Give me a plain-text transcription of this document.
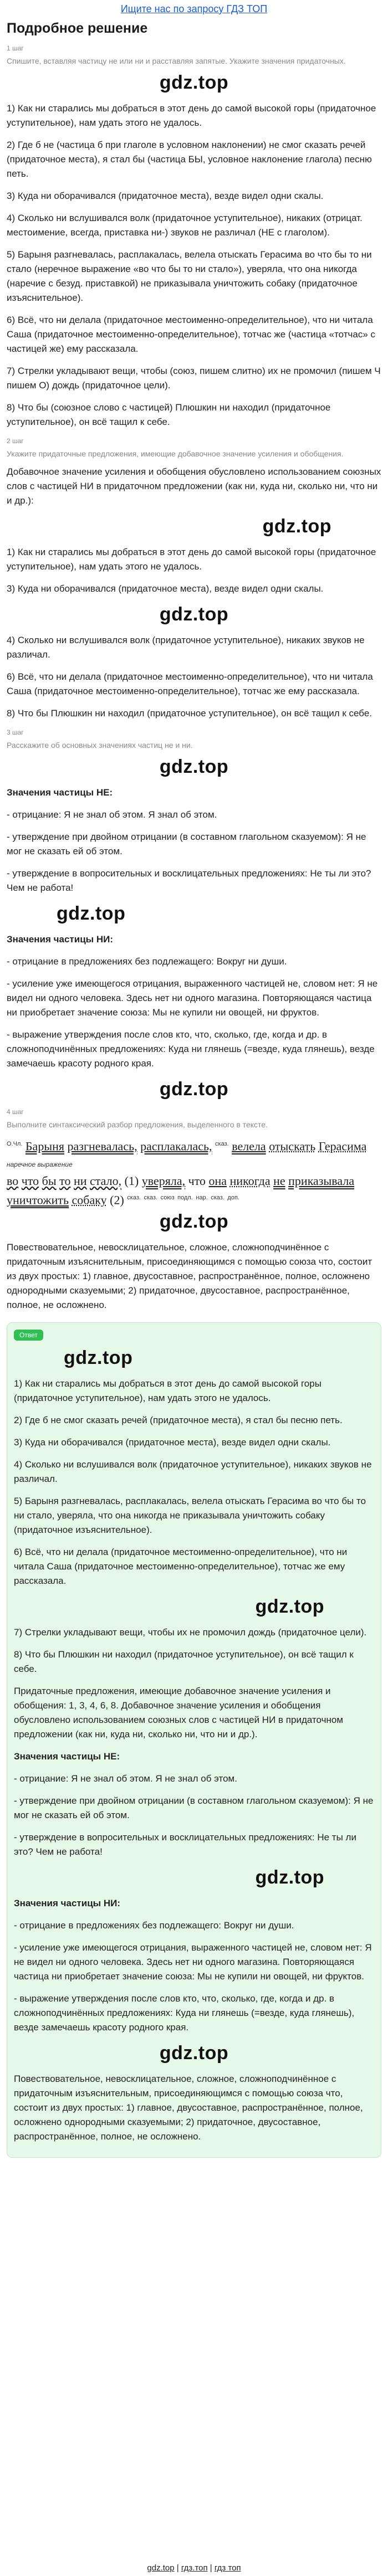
Ищите нас по запросу ГДЗ ТОП
Подробное решение
1 шаг
Спишите, вставляя частицу не или ни и расставляя запятые. Укажите значения придаточных.
gdz.top

1) Как ни старались мы добраться в этот день до самой высокой горы (придаточное уступительное), нам удать этого не удалось.

2) Где б не (частица б при глаголе в условном наклонении) не смог сказать речей (придаточное места), я стал бы (частица БЫ, условное наклонение глагола) песню петь.

3) Куда ни оборачивался (придаточное места), везде видел одни скалы.

4) Сколько ни вслушивался волк (придаточное уступительное), никаких (отрицат. местоимение, всегда, приставка ни-) звуков не различал (НЕ с глаголом).

5) Барыня разгневалась, расплакалась, велела отыскать Герасима во что бы то ни стало (неречное выражение «во что бы то ни стало»), уверяла, что она никогда (наречие с безуд. приставкой) не приказывала уничтожить собаку (придаточное изъяснительное).

6) Всё, что ни делала (придаточное местоименно-определительное), что ни читала Саша (придаточное местоименно-определительное), тотчас же (частица «тотчас» с частицей же) ему рассказала.

7) Стрелки укладывают вещи, чтобы (союз, пишем слитно) их не промочил (пишем Ч пишем О) дождь (придаточное цели).

8) Что бы (союзное слово с частицей) Плюшкин ни находил (придаточное уступительное), он всё тащил к себе.

2 шаг
Укажите придаточные предложения, имеющие добавочное значение усиления и обобщения.

Добавочное значение усиления и обобщения обусловлено использованием союзных слов с частицей НИ в придаточном предложении (как ни, куда ни, сколько ни, что ни и др.):

gdz.top

1) Как ни старались мы добраться в этот день до самой высокой горы (придаточное уступительное), нам удать этого не удалось.

3) Куда ни оборачивался (придаточное места), везде видел одни скалы.

gdz.top

4) Сколько ни вслушивался волк (придаточное уступительное), никаких звуков не различал.

6) Всё, что ни делала (придаточное местоименно-определительное), что ни читала Саша (придаточное местоименно-определительное), тотчас же ему рассказала.

8) Что бы Плюшкин ни находил (придаточное уступительное), он всё тащил к себе.

3 шаг
Расскажите об основных значениях частиц не и ни.
gdz.top

Значения частицы НЕ:

- отрицание: Я не знал об этом. Я знал об этом.

- утверждение при двойном отрицании (в составном глагольном сказуемом): Я не мог не сказать ей об этом.

- утверждение в вопросительных и восклицательных предложениях: Не ты ли это? Чем не работа!

gdz.top

Значения частицы НИ:

- отрицание в предложениях без подлежащего: Вокруг ни души.

- усиление уже имеющегося отрицания, выраженного частицей не, словом нет: Я не видел ни одного человека. Здесь нет ни одного магазина. Повторяющаяся частица ни приобретает значение союза: Мы не купили ни овощей, ни фруктов.

- выражение утверждения после слов кто, что, сколько, где, когда и др. в сложноподчинённых предложениях: Куда ни глянешь (=везде, куда глянешь), везде замечаешь красоту родного края.

gdz.top
4 шаг
Выполните синтаксический разбор предложения, выделенного в тексте.
$^{О.Чл.}$ Барыня разгневалась, расплакалась, $^{сказ.}$ велела отыскать Герасима
наречное выражение
во что бы то ни стало, (1) уверяла, что она никогда не приказывала
уничтожить собаку (2) $^{сказ.}$ $^{сказ.}$ $^{союз}$ $^{подл.}$ $^{нар.}$ $^{сказ.}$ $^{доп.}$
gdz.top

Повествовательное, невосклицательное, сложное, сложноподчинённое с придаточным изъяснительным, присоединяющимся с помощью союза что, состоит из двух простых: 1) главное, двусоставное, распространённое, полное, осложнено однородными сказуемыми; 2) придаточное, двусоставное, распространённое, полное, не осложнено.

Ответ
gdz.top

1) Как ни старались мы добраться в этот день до самой высокой горы (придаточное уступительное), нам удать этого не удалось.

2) Где б не смог сказать речей (придаточное места), я стал бы песню петь.

3) Куда ни оборачивался (придаточное места), везде видел одни скалы.

4) Сколько ни вслушивался волк (придаточное уступительное), никаких звуков не различал.

5) Барыня разгневалась, расплакалась, велела отыскать Герасима во что бы то ни стало, уверяла, что она никогда не приказывала уничтожить собаку (придаточное изъяснительное).

6) Всё, что ни делала (придаточное местоименно-определительное), что ни читала Саша (придаточное местоименно-определительное), тотчас же ему рассказала.

gdz.top

7) Стрелки укладывают вещи, чтобы их не промочил дождь (придаточное цели).

8) Что бы Плюшкин ни находил (придаточное уступительное), он всё тащил к себе.

Придаточные предложения, имеющие добавочное значение усиления и обобщения: 1, 3, 4, 6, 8. Добавочное значение усиления и обобщения обусловлено использованием союзных слов с частицей НИ в придаточном предложении (как ни, куда ни, сколько ни, что ни и др.).

Значения частицы НЕ:

- отрицание: Я не знал об этом. Я не знал об этом.

- утверждение при двойном отрицании (в составном глагольном сказуемом): Я не мог не сказать ей об этом.

- утверждение в вопросительных и восклицательных предложениях: Не ты ли это? Чем не работа!

gdz.top

Значения частицы НИ:

- отрицание в предложениях без подлежащего: Вокруг ни души.

- усиление уже имеющегося отрицания, выраженного частицей не, словом нет: Я не видел ни одного человека. Здесь нет ни одного магазина. Повторяющаяся частица ни приобретает значение союза: Мы не купили ни овощей, ни фруктов.

- выражение утверждения после слов кто, что, сколько, где, когда и др. в сложноподчинённых предложениях: Куда ни глянешь (=везде, куда глянешь), везде замечаешь красоту родного края.

gdz.top

Повествовательное, невосклицательное, сложное, сложноподчинённое с придаточным изъяснительным, присоединяющимся с помощью союза что, состоит из двух простых: 1) главное, двусоставное, распространённое, полное, осложнено однородными сказуемыми; 2) придаточное, двусоставное, распространённое, полное, не осложнено.

gdz.top | гдз.топ | гдз топ
